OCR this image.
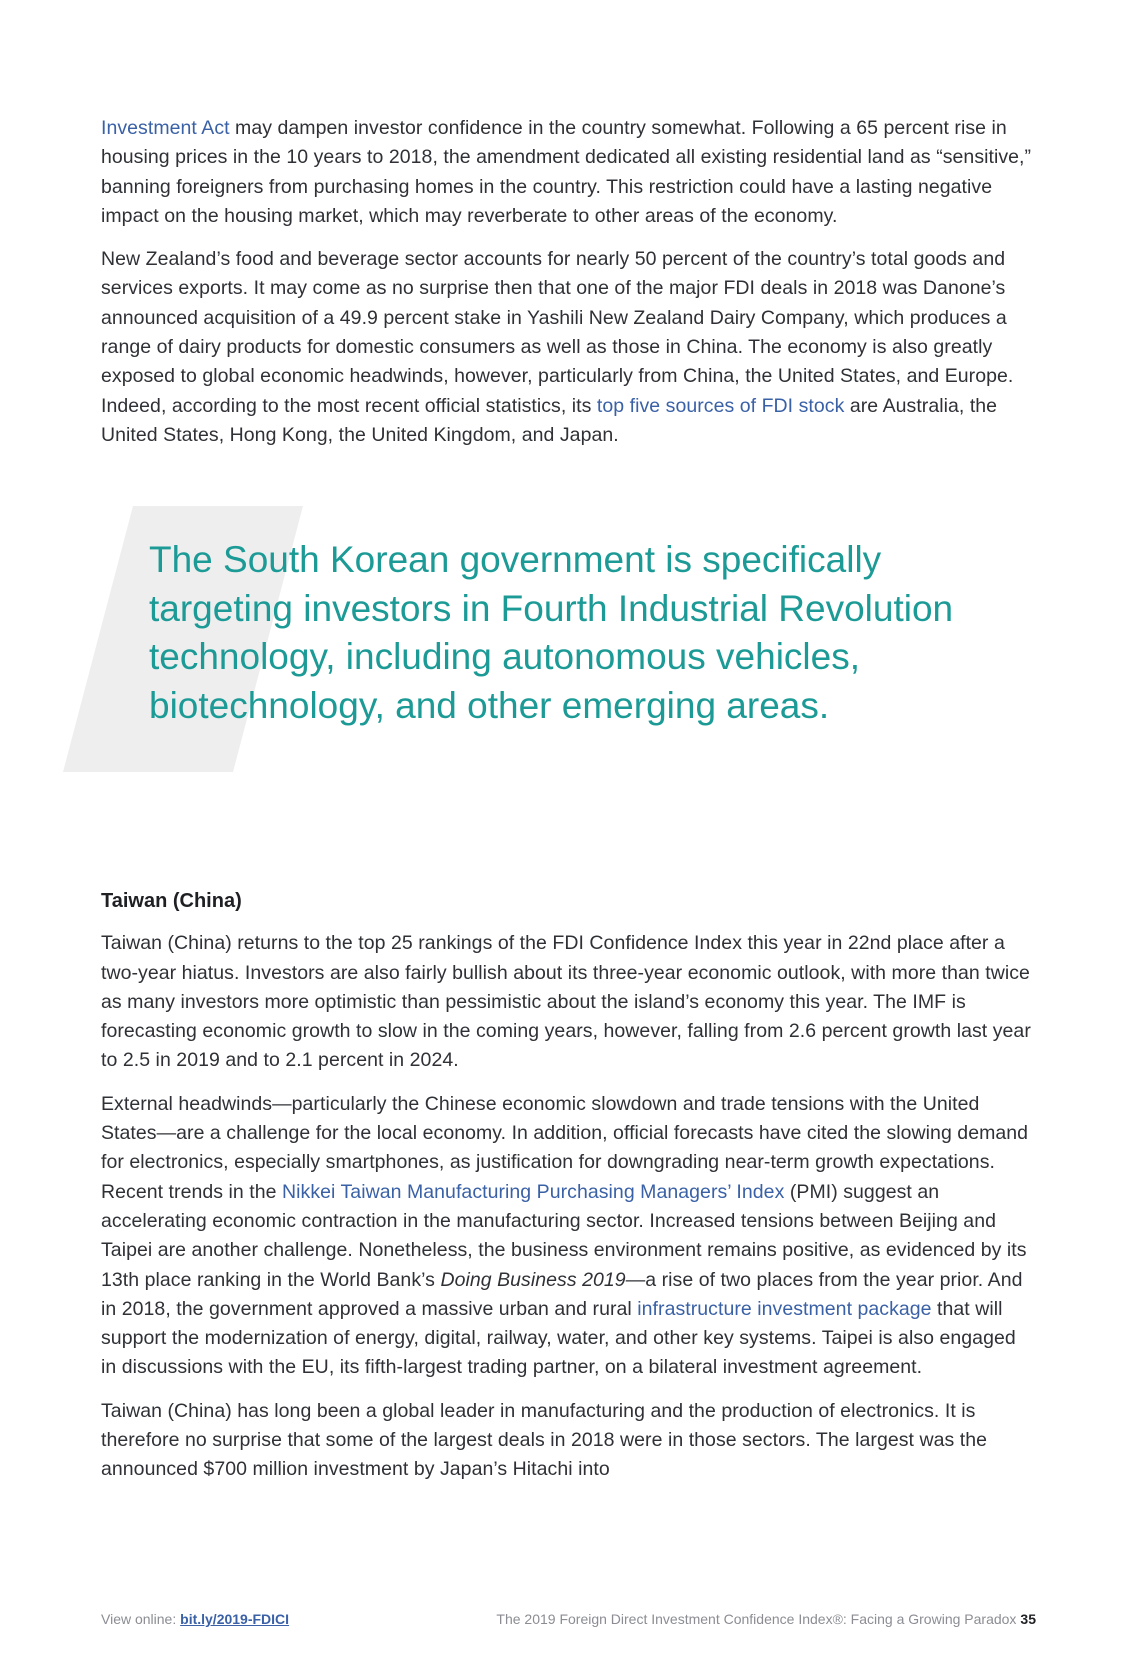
Investment Act may dampen investor confidence in the country somewhat. Following a 65 percent rise in housing prices in the 10 years to 2018, the amendment dedicated all existing residential land as “sensitive,” banning foreigners from purchasing homes in the country. This restriction could have a lasting negative impact on the housing market, which may reverberate to other areas of the economy.

New Zealand’s food and beverage sector accounts for nearly 50 percent of the country’s total goods and services exports. It may come as no surprise then that one of the major FDI deals in 2018 was Danone’s announced acquisition of a 49.9 percent stake in Yashili New Zealand Dairy Company, which produces a range of dairy products for domestic consumers as well as those in China. The economy is also greatly exposed to global economic headwinds, however, particularly from China, the United States, and Europe. Indeed, according to the most recent official statistics, its top five sources of FDI stock are Australia, the United States, Hong Kong, the United Kingdom, and Japan.

The South Korean government is specifically targeting investors in Fourth Industrial Revolution technology, including autonomous vehicles, biotechnology, and other emerging areas.

Taiwan (China)

Taiwan (China) returns to the top 25 rankings of the FDI Confidence Index this year in 22nd place after a two-year hiatus. Investors are also fairly bullish about its three-year economic outlook, with more than twice as many investors more optimistic than pessimistic about the island’s economy this year. The IMF is forecasting economic growth to slow in the coming years, however, falling from 2.6 percent growth last year to 2.5 in 2019 and to 2.1 percent in 2024.

External headwinds—particularly the Chinese economic slowdown and trade tensions with the United States—are a challenge for the local economy. In addition, official forecasts have cited the slowing demand for electronics, especially smartphones, as justification for downgrading near-term growth expectations. Recent trends in the Nikkei Taiwan Manufacturing Purchasing Managers’ Index (PMI) suggest an accelerating economic contraction in the manufacturing sector. Increased tensions between Beijing and Taipei are another challenge. Nonetheless, the business environment remains positive, as evidenced by its 13th place ranking in the World Bank’s Doing Business 2019—a rise of two places from the year prior. And in 2018, the government approved a massive urban and rural infrastructure investment package that will support the modernization of energy, digital, railway, water, and other key systems. Taipei is also engaged in discussions with the EU, its fifth-largest trading partner, on a bilateral investment agreement.

Taiwan (China) has long been a global leader in manufacturing and the production of electronics. It is therefore no surprise that some of the largest deals in 2018 were in those sectors. The largest was the announced $700 million investment by Japan’s Hitachi into

View online: bit.ly/2019-FDICI	The 2019 Foreign Direct Investment Confidence Index®: Facing a Growing Paradox 35
